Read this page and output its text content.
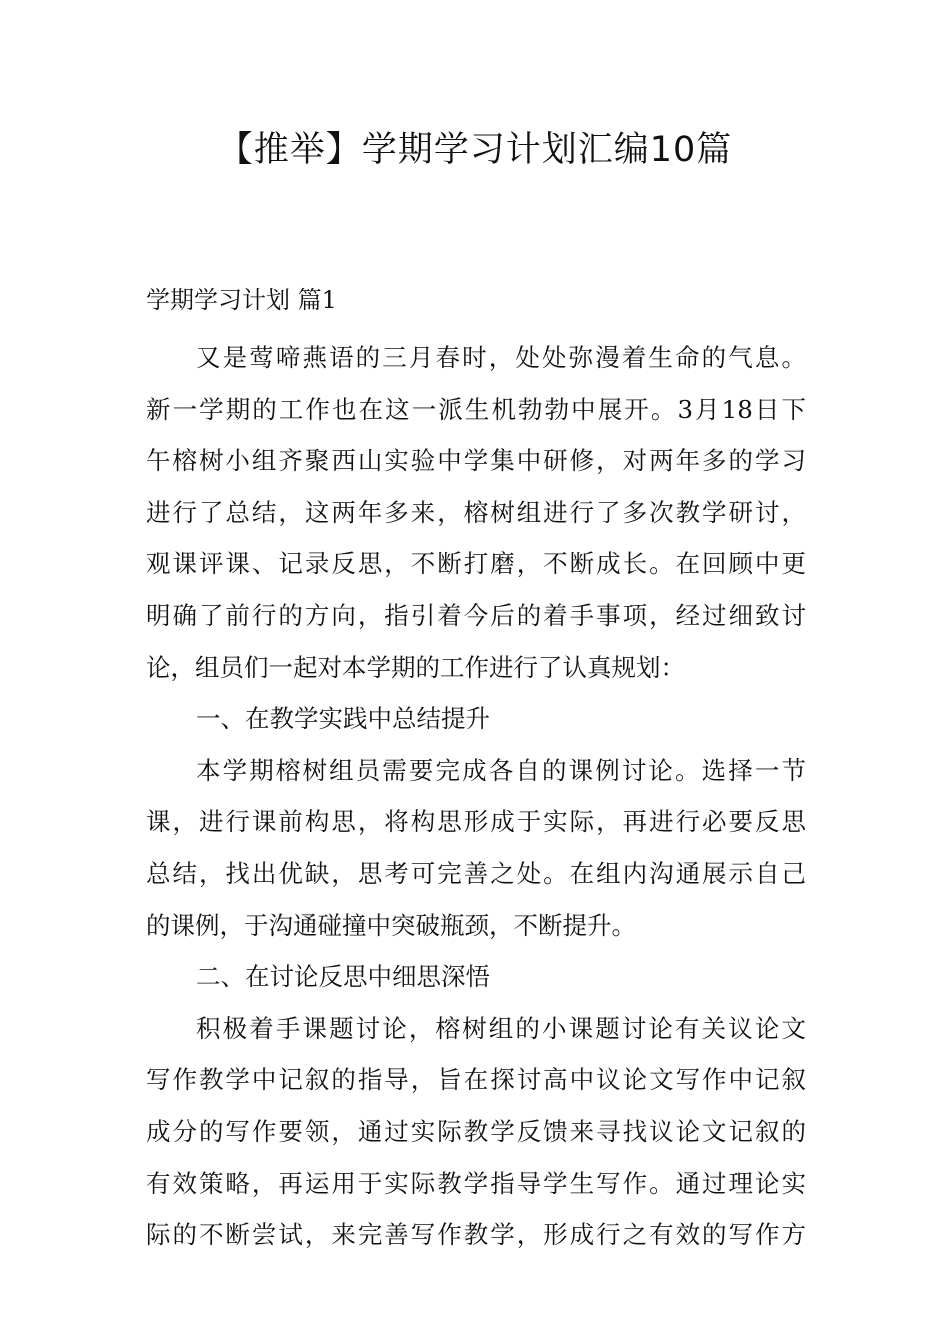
【推举】学期学习计划汇编10篇
学期学习计划 篇1
又是莺啼燕语的三月春时，处处弥漫着生命的气息。
新一学期的工作也在这一派生机勃勃中展开。3月18日下
午榕树小组齐聚西山实验中学集中研修，对两年多的学习
进行了总结，这两年多来，榕树组进行了多次教学研讨，
观课评课、记录反思，不断打磨，不断成长。在回顾中更
明确了前行的方向，指引着今后的着手事项，经过细致讨
论，组员们一起对本学期的工作进行了认真规划：
一、在教学实践中总结提升
本学期榕树组员需要完成各自的课例讨论。选择一节
课，进行课前构思，将构思形成于实际，再进行必要反思
总结，找出优缺，思考可完善之处。在组内沟通展示自己
的课例，于沟通碰撞中突破瓶颈，不断提升。
二、在讨论反思中细思深悟
积极着手课题讨论，榕树组的小课题讨论有关议论文
写作教学中记叙的指导，旨在探讨高中议论文写作中记叙
成分的写作要领，通过实际教学反馈来寻找议论文记叙的
有效策略，再运用于实际教学指导学生写作。通过理论实
际的不断尝试，来完善写作教学，形成行之有效的写作方
